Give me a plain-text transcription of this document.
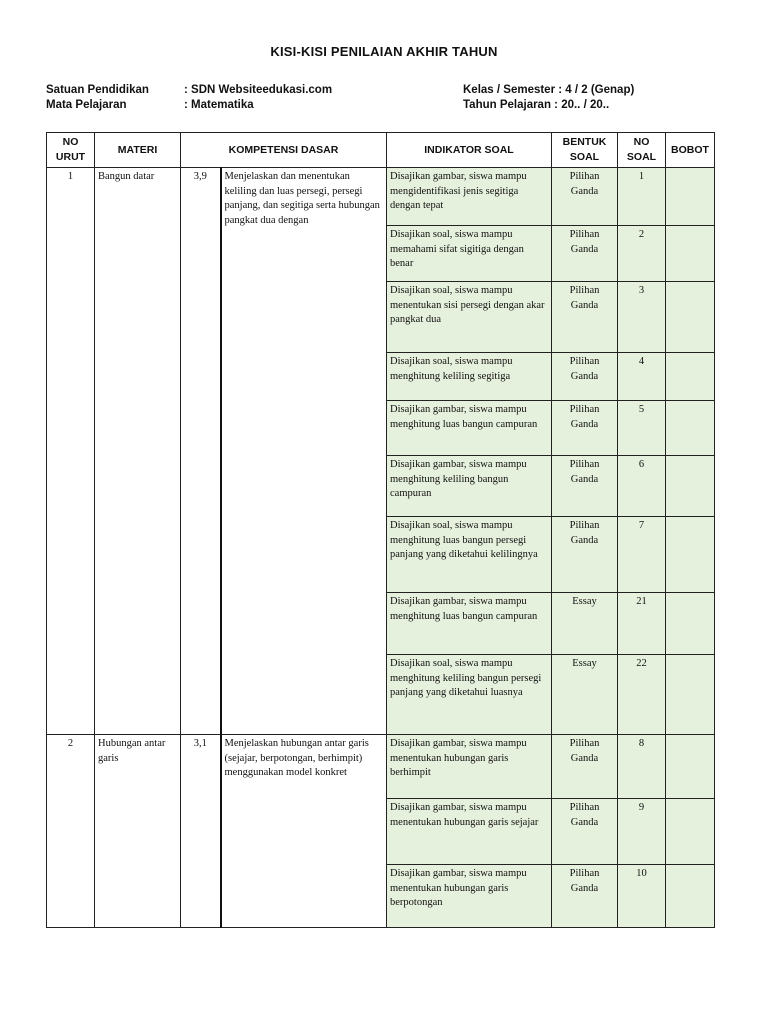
KISI-KISI PENILAIAN AKHIR TAHUN
Satuan Pendidikan	: SDN Websiteedukasi.com
Mata Pelajaran	: Matematika
Kelas / Semester : 4 / 2 (Genap)
Tahun Pelajaran : 20.. / 20..
NO URUT	MATERI	KOMPETENSI DASAR		INDIKATOR SOAL	BENTUK SOAL	NO SOAL	BOBOT
1	Bangun datar	3,9	Menjelaskan dan menentukan keliling dan luas persegi, persegi panjang, dan segitiga serta hubungan pangkat dua dengan	Disajikan gambar, siswa mampu mengidentifikasi jenis segitiga dengan tepat	Pilihan Ganda	1	
				Disajikan soal, siswa mampu memahami sifat sigitiga dengan benar	Pilihan Ganda	2	
				Disajikan soal, siswa mampu menentukan sisi persegi dengan akar pangkat dua	Pilihan Ganda	3	
				Disajikan soal, siswa mampu menghitung keliling segitiga	Pilihan Ganda	4	
				Disajikan gambar, siswa mampu menghitung luas bangun campuran	Pilihan Ganda	5	
				Disajikan gambar, siswa mampu menghitung keliling bangun campuran	Pilihan Ganda	6	
				Disajikan soal, siswa mampu menghitung luas bangun persegi panjang yang diketahui kelilingnya	Pilihan Ganda	7	
				Disajikan gambar, siswa mampu menghitung luas bangun campuran	Essay	21	
				Disajikan soal, siswa mampu menghitung keliling bangun persegi panjang yang diketahui luasnya	Essay	22	
2	Hubungan antar garis	3,1	Menjelaskan hubungan antar garis (sejajar, berpotongan, berhimpit) menggunakan model konkret	Disajikan gambar, siswa mampu menentukan hubungan garis berhimpit	Pilihan Ganda	8	
				Disajikan gambar, siswa mampu menentukan hubungan garis sejajar	Pilihan Ganda	9	
				Disajikan gambar, siswa mampu menentukan hubungan garis berpotongan	Pilihan Ganda	10	
